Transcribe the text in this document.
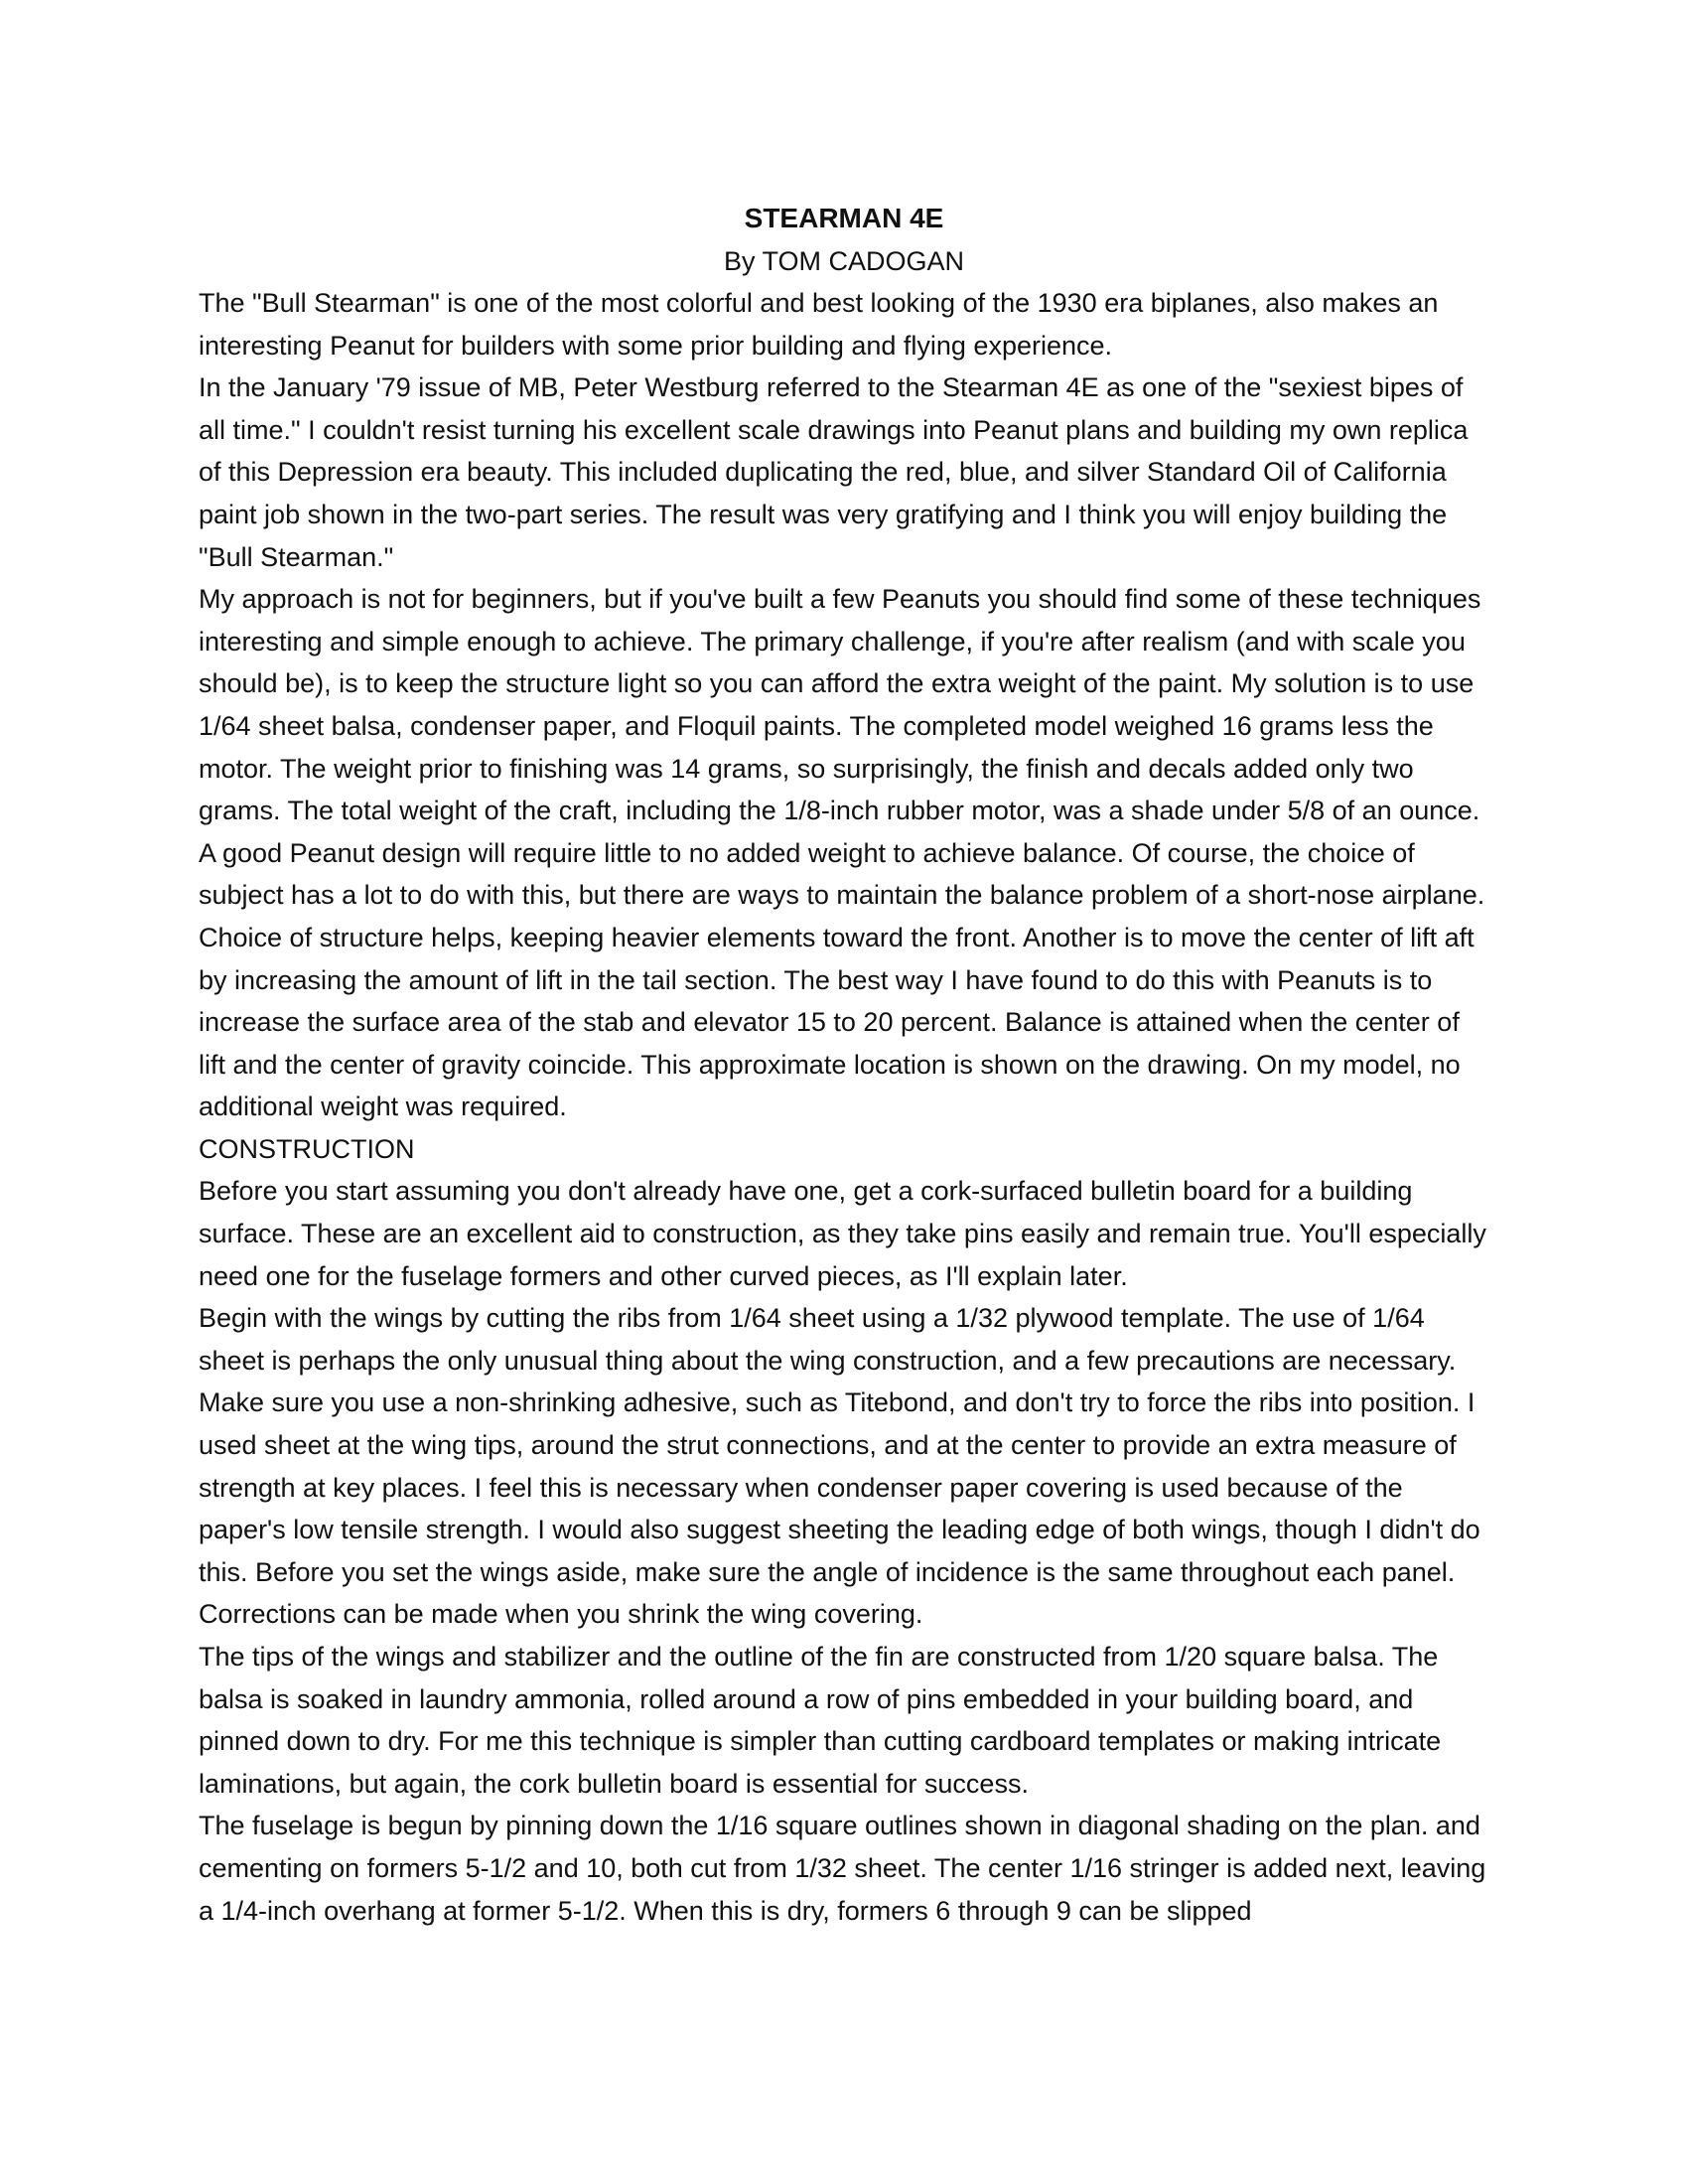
STEARMAN 4E

By TOM CADOGAN

The "Bull Stearman" is one of the most colorful and best looking of the 1930 era biplanes, also makes an interesting Peanut for builders with some prior building and flying experience.

In the January '79 issue of MB, Peter Westburg referred to the Stearman 4E as one of the "sexiest bipes of all time." I couldn't resist turning his excellent scale drawings into Peanut plans and building my own replica of this Depression era beauty. This included duplicating the red, blue, and silver Standard Oil of California paint job shown in the two-part series. The result was very gratifying and I think you will enjoy building the "Bull Stearman."

My approach is not for beginners, but if you've built a few Peanuts you should find some of these techniques interesting and simple enough to achieve. The primary challenge, if you're after realism (and with scale you should be), is to keep the structure light so you can afford the extra weight of the paint. My solution is to use 1/64 sheet balsa, condenser paper, and Floquil paints. The completed model weighed 16 grams less the motor. The weight prior to finishing was 14 grams, so surprisingly, the finish and decals added only two grams. The total weight of the craft, including the 1/8-inch rubber motor, was a shade under 5/8 of an ounce.

A good Peanut design will require little to no added weight to achieve balance. Of course, the choice of subject has a lot to do with this, but there are ways to maintain the balance problem of a short-nose airplane. Choice of structure helps, keeping heavier elements toward the front. Another is to move the center of lift aft by increasing the amount of lift in the tail section. The best way I have found to do this with Peanuts is to increase the surface area of the stab and elevator 15 to 20 percent. Balance is attained when the center of lift and the center of gravity coincide. This approximate location is shown on the drawing. On my model, no additional weight was required.

CONSTRUCTION

Before you start assuming you don't already have one, get a cork-surfaced bulletin board for a building surface. These are an excellent aid to construction, as they take pins easily and remain true. You'll especially need one for the fuselage formers and other curved pieces, as I'll explain later.

Begin with the wings by cutting the ribs from 1/64 sheet using a 1/32 plywood template. The use of 1/64 sheet is perhaps the only unusual thing about the wing construction, and a few precautions are necessary. Make sure you use a non-shrinking adhesive, such as Titebond, and don't try to force the ribs into position. I used sheet at the wing tips, around the strut connections, and at the center to provide an extra measure of strength at key places. I feel this is necessary when condenser paper covering is used because of the paper's low tensile strength. I would also suggest sheeting the leading edge of both wings, though I didn't do this. Before you set the wings aside, make sure the angle of incidence is the same throughout each panel. Corrections can be made when you shrink the wing covering.

The tips of the wings and stabilizer and the outline of the fin are constructed from 1/20 square balsa. The balsa is soaked in laundry ammonia, rolled around a row of pins embedded in your building board, and pinned down to dry. For me this technique is simpler than cutting cardboard templates or making intricate laminations, but again, the cork bulletin board is essential for success.

The fuselage is begun by pinning down the 1/16 square outlines shown in diagonal shading on the plan. and cementing on formers 5-1/2 and 10, both cut from 1/32 sheet. The center 1/16 stringer is added next, leaving a 1/4-inch overhang at former 5-1/2. When this is dry, formers 6 through 9 can be slipped
